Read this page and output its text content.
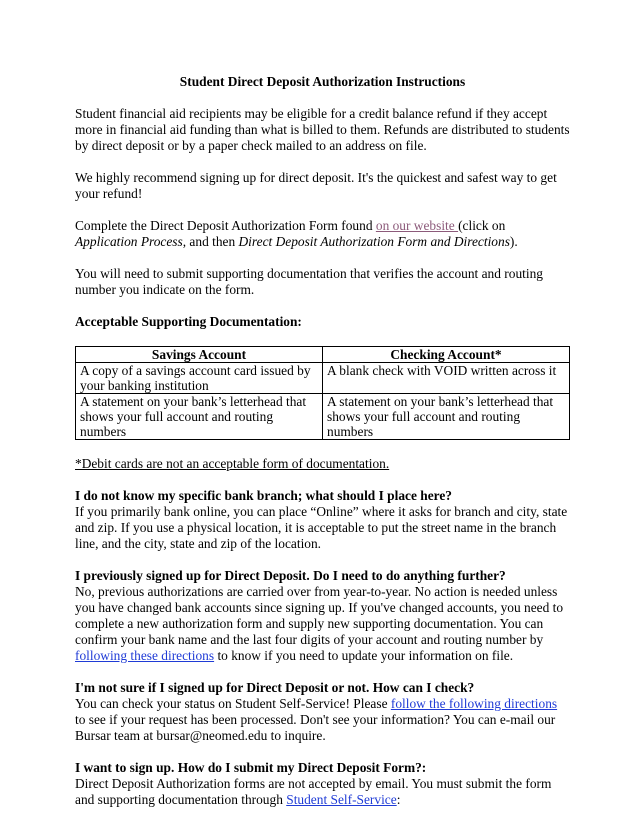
Student Direct Deposit Authorization Instructions

Student financial aid recipients may be eligible for a credit balance refund if they accept more in financial aid funding than what is billed to them. Refunds are distributed to students by direct deposit or by a paper check mailed to an address on file.

We highly recommend signing up for direct deposit. It's the quickest and safest way to get your refund!

Complete the Direct Deposit Authorization Form found on our website (click on Application Process, and then Direct Deposit Authorization Form and Directions).

You will need to submit supporting documentation that verifies the account and routing number you indicate on the form.

Acceptable Supporting Documentation:

Savings Account	Checking Account*
A copy of a savings account card issued by your banking institution	A blank check with VOID written across it
A statement on your bank’s letterhead that shows your full account and routing numbers	A statement on your bank’s letterhead that shows your full account and routing numbers

*Debit cards are not an acceptable form of documentation.

I do not know my specific bank branch; what should I place here?

If you primarily bank online, you can place “Online” where it asks for branch and city, state and zip. If you use a physical location, it is acceptable to put the street name in the branch line, and the city, state and zip of the location.

I previously signed up for Direct Deposit. Do I need to do anything further?

No, previous authorizations are carried over from year-to-year. No action is needed unless you have changed bank accounts since signing up. If you've changed accounts, you need to complete a new authorization form and supply new supporting documentation. You can confirm your bank name and the last four digits of your account and routing number by following these directions to know if you need to update your information on file.

I'm not sure if I signed up for Direct Deposit or not. How can I check?

You can check your status on Student Self-Service! Please follow the following directions to see if your request has been processed. Don't see your information? You can e-mail our Bursar team at bursar@neomed.edu to inquire.

I want to sign up. How do I submit my Direct Deposit Form?:

Direct Deposit Authorization forms are not accepted by email. You must submit the form and supporting documentation through Student Self-Service:
